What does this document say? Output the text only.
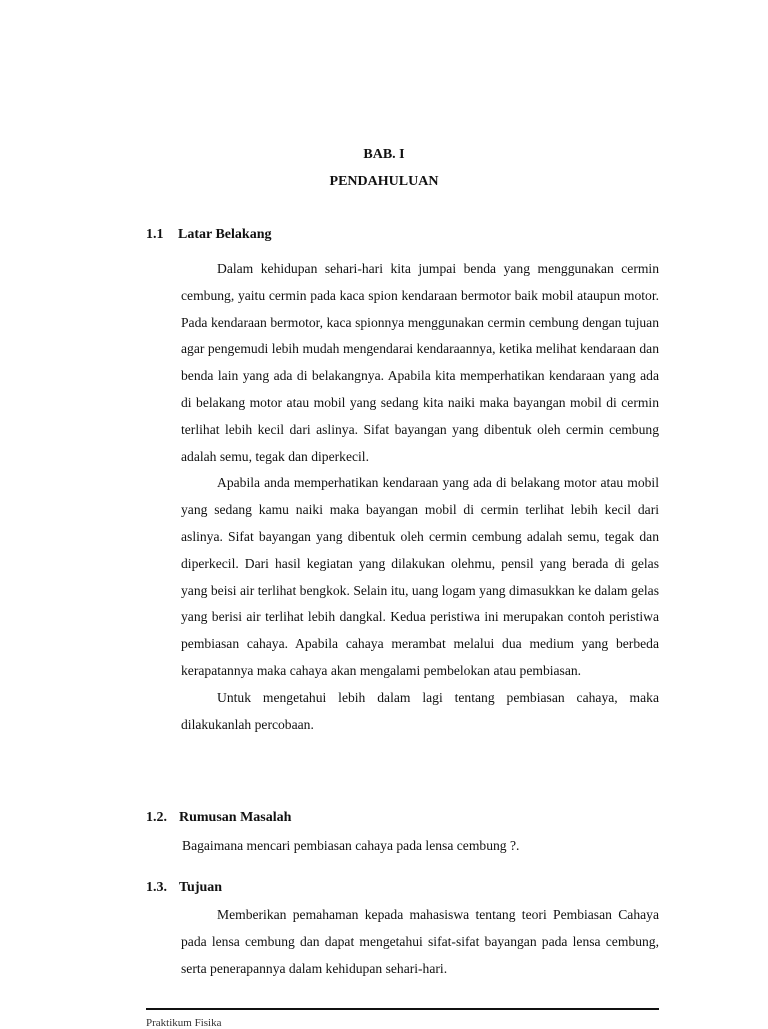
BAB. I
PENDAHULUAN
1.1 Latar Belakang

Dalam kehidupan sehari-hari kita jumpai benda yang menggunakan cermin cembung, yaitu cermin pada kaca spion kendaraan bermotor baik mobil ataupun motor. Pada kendaraan bermotor, kaca spionnya menggunakan cermin cembung dengan tujuan agar pengemudi lebih mudah mengendarai kendaraannya, ketika melihat kendaraan dan benda lain yang ada di belakangnya. Apabila kita memperhatikan kendaraan yang ada di belakang motor atau mobil yang sedang kita naiki maka bayangan mobil di cermin terlihat lebih kecil dari aslinya. Sifat bayangan yang dibentuk oleh cermin cembung adalah semu, tegak dan diperkecil.

Apabila anda memperhatikan kendaraan yang ada di belakang motor atau mobil yang sedang kamu naiki maka bayangan mobil di cermin terlihat lebih kecil dari aslinya. Sifat bayangan yang dibentuk oleh cermin cembung adalah semu, tegak dan diperkecil. Dari hasil kegiatan yang dilakukan olehmu, pensil yang berada di gelas yang beisi air terlihat bengkok. Selain itu, uang logam yang dimasukkan ke dalam gelas yang berisi air terlihat lebih dangkal. Kedua peristiwa ini merupakan contoh peristiwa pembiasan cahaya. Apabila cahaya merambat melalui dua medium yang berbeda kerapatannya maka cahaya akan mengalami pembelokan atau pembiasan.

Untuk mengetahui lebih dalam lagi tentang pembiasan cahaya, maka dilakukanlah percobaan.

1.2. Rumusan Masalah
Bagaimana mencari pembiasan cahaya pada lensa cembung ?.
1.3. Tujuan

Memberikan pemahaman kepada mahasiswa tentang teori Pembiasan Cahaya pada lensa cembung dan dapat mengetahui sifat-sifat bayangan pada lensa cembung, serta penerapannya dalam kehidupan sehari-hari.

Praktikum Fisika
